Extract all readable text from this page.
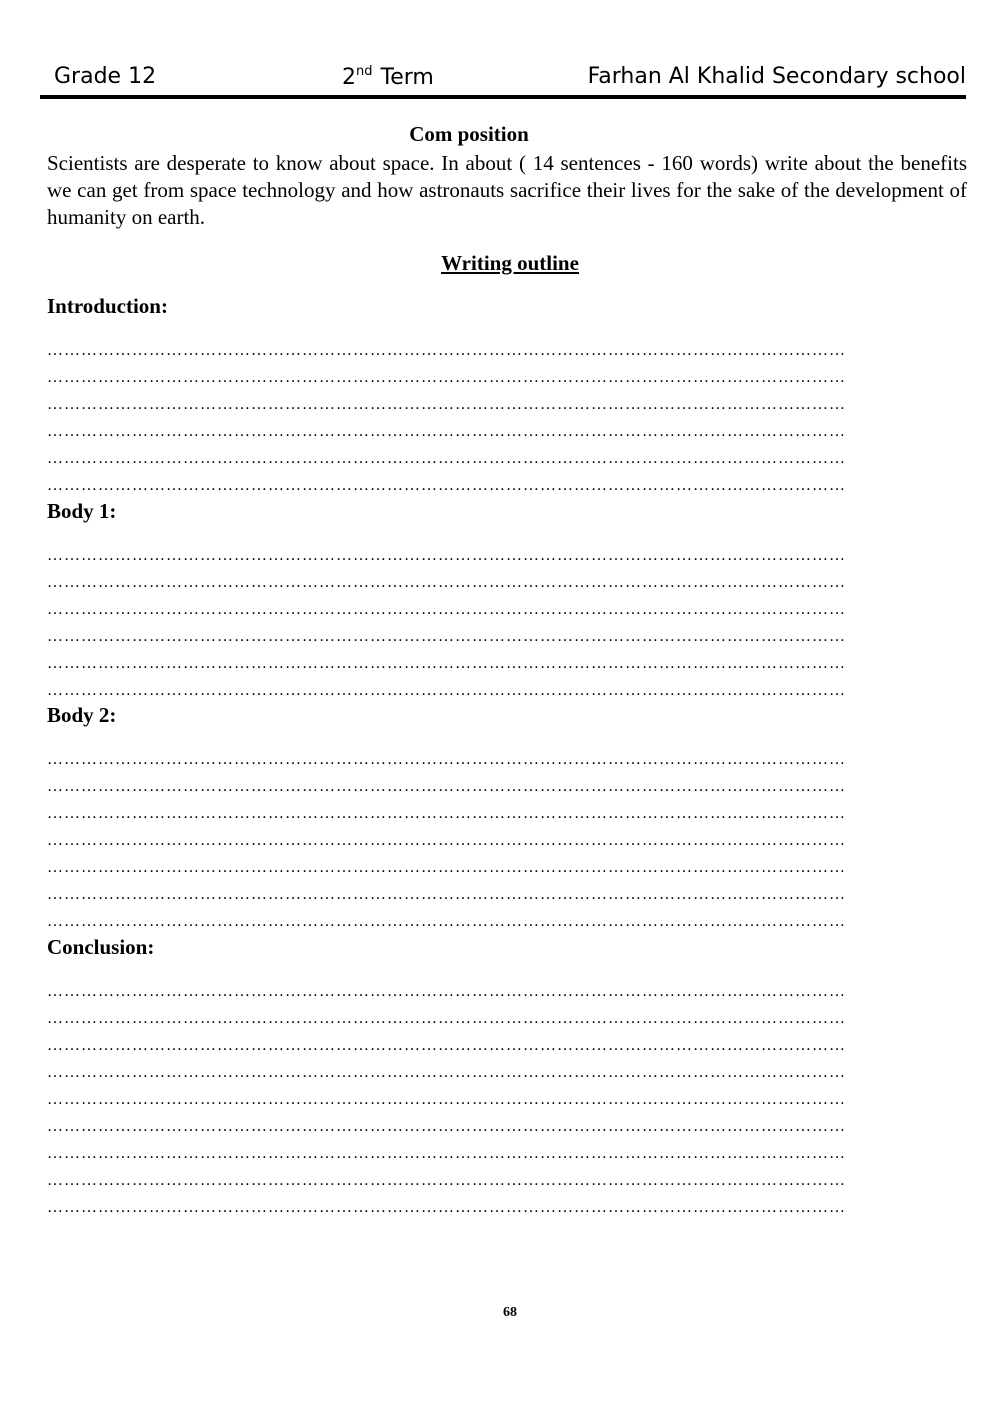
Grade 12	2nd Term	Farhan Al Khalid Secondary school
Com position
Scientists are desperate to know about space. In about ( 14 sentences - 160 words) write about the benefits we can get from space technology and how astronauts sacrifice their lives for the sake of the development of humanity on earth.
Writing outline
Introduction:
……………………………………………………………………………………………………………………………
……………………………………………………………………………………………………………………………
……………………………………………………………………………………………………………………………
……………………………………………………………………………………………………………………………
……………………………………………………………………………………………………………………………
……………………………………………………………………………………………………………………………
Body 1:
……………………………………………………………………………………………………………………………
……………………………………………………………………………………………………………………………
……………………………………………………………………………………………………………………………
……………………………………………………………………………………………………………………………
……………………………………………………………………………………………………………………………
……………………………………………………………………………………………………………………………
Body 2:
……………………………………………………………………………………………………………………………
……………………………………………………………………………………………………………………………
……………………………………………………………………………………………………………………………
……………………………………………………………………………………………………………………………
……………………………………………………………………………………………………………………………
……………………………………………………………………………………………………………………………
……………………………………………………………………………………………………………………………
Conclusion:
……………………………………………………………………………………………………………………………
……………………………………………………………………………………………………………………………
……………………………………………………………………………………………………………………………
……………………………………………………………………………………………………………………………
……………………………………………………………………………………………………………………………
……………………………………………………………………………………………………………………………
……………………………………………………………………………………………………………………………
……………………………………………………………………………………………………………………………
……………………………………………………………………………………………………………………………
68
